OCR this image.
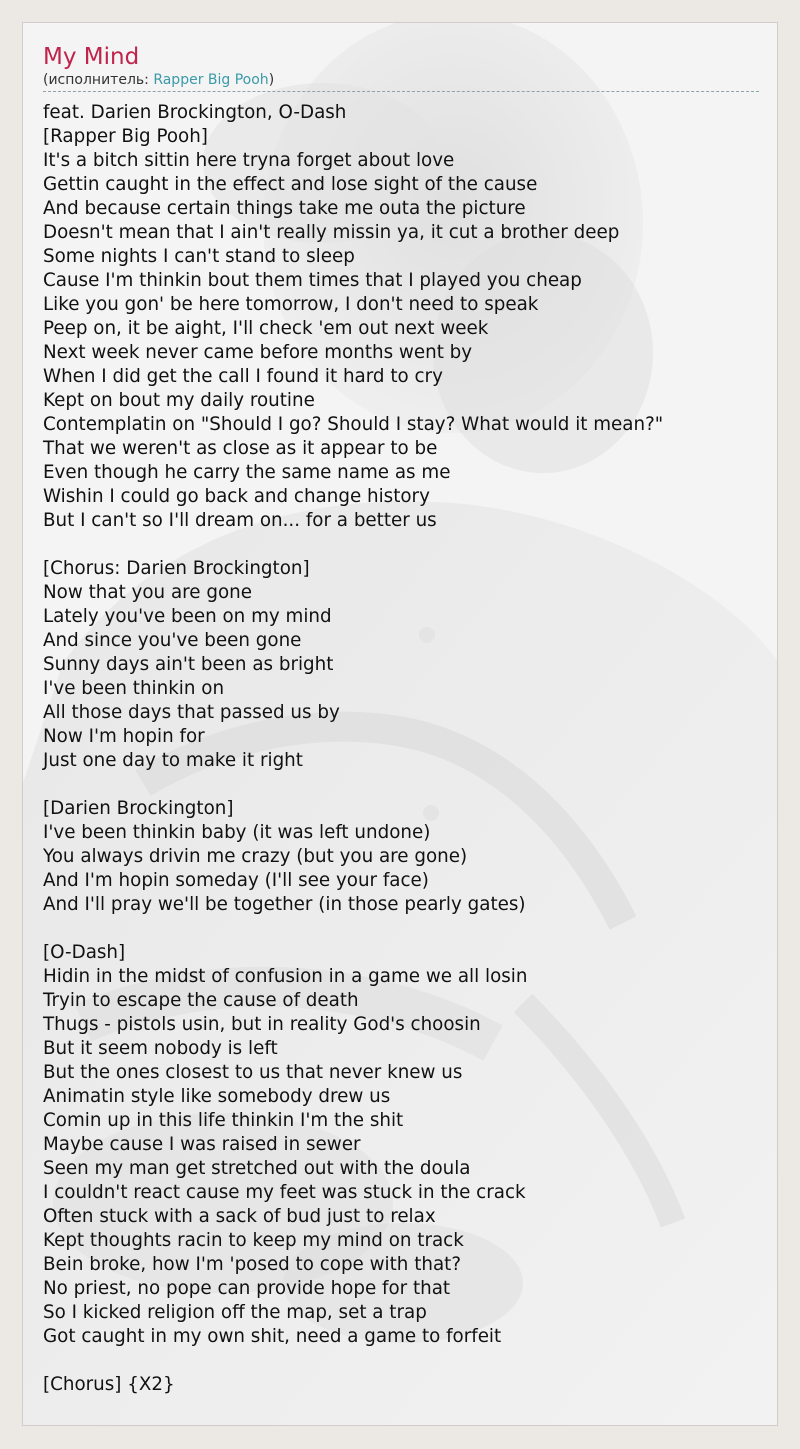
My Mind
(исполнитель: Rapper Big Pooh)
feat. Darien Brockington, O-Dash
[Rapper Big Pooh]
It's a bitch sittin here tryna forget about love
Gettin caught in the effect and lose sight of the cause
And because certain things take me outa the picture
Doesn't mean that I ain't really missin ya, it cut a brother deep
Some nights I can't stand to sleep
Cause I'm thinkin bout them times that I played you cheap
Like you gon' be here tomorrow, I don't need to speak
Peep on, it be aight, I'll check 'em out next week
Next week never came before months went by
When I did get the call I found it hard to cry
Kept on bout my daily routine
Contemplatin on "Should I go? Should I stay? What would it mean?"
That we weren't as close as it appear to be
Even though he carry the same name as me
Wishin I could go back and change history
But I can't so I'll dream on... for a better us
[Chorus: Darien Brockington]
Now that you are gone
Lately you've been on my mind
And since you've been gone
Sunny days ain't been as bright
I've been thinkin on
All those days that passed us by
Now I'm hopin for
Just one day to make it right
[Darien Brockington]
I've been thinkin baby (it was left undone)
You always drivin me crazy (but you are gone)
And I'm hopin someday (I'll see your face)
And I'll pray we'll be together (in those pearly gates)
[O-Dash]
Hidin in the midst of confusion in a game we all losin
Tryin to escape the cause of death
Thugs - pistols usin, but in reality God's choosin
But it seem nobody is left
But the ones closest to us that never knew us
Animatin style like somebody drew us
Comin up in this life thinkin I'm the shit
Maybe cause I was raised in sewer
Seen my man get stretched out with the doula
I couldn't react cause my feet was stuck in the crack
Often stuck with a sack of bud just to relax
Kept thoughts racin to keep my mind on track
Bein broke, how I'm 'posed to cope with that?
No priest, no pope can provide hope for that
So I kicked religion off the map, set a trap
Got caught in my own shit, need a game to forfeit
[Chorus] {X2}
